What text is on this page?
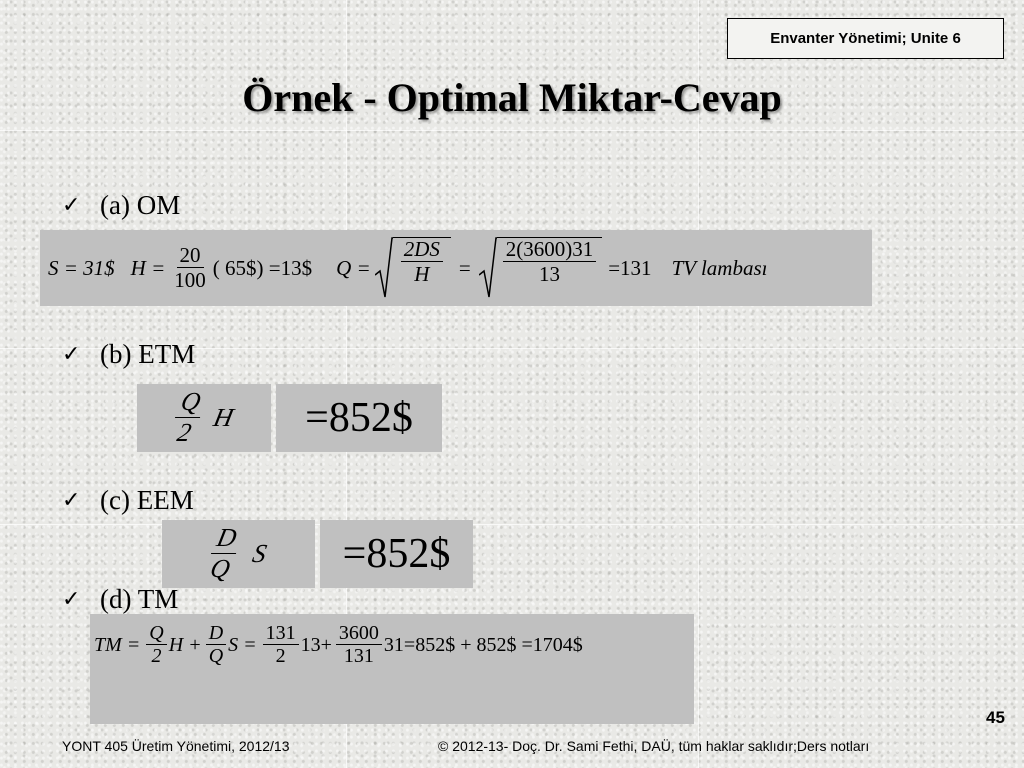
Envanter Yönetimi; Unite 6
Örnek - Optimal Miktar-Cevap
✓ (a) OM
S = 31$ $H = \frac{20}{100}$ ( 65$) =13$ $Q = \frac{2DS}{H} = \frac{2(3600)31}{13} =131$ TV lambası
✓ (b) ETM
$\frac{Q}{2}$ H =852$
✓ (c) EEM
$\frac{D}{Q}$ S =852$
✓ (d) TM
TM = $\frac{Q}{2}$ $H + \frac{D}{Q}$ $S = \frac{131}{2} 13+ \frac{3600}{131}$ 31=852$ + 852$ =1704$
45
YONT 405 Üretim Yönetimi, 2012/13	© 2012-13- Doç. Dr. Sami Fethi, DAÜ, tüm haklar saklıdır;Ders notları
